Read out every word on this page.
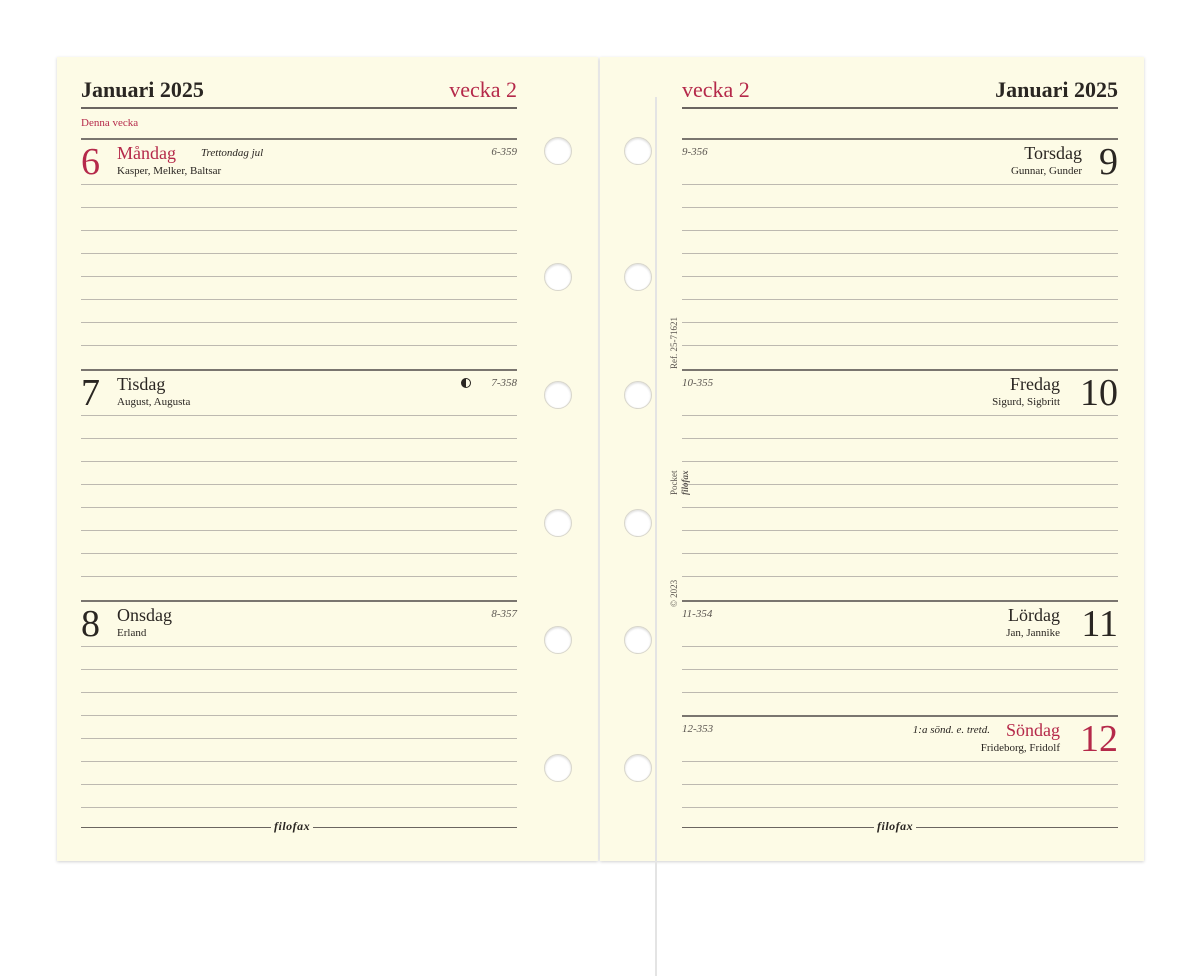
Januari 2025	vecka 2
Denna vecka
6 Måndag Trettondag jul
Kasper, Melker, Baltsar
6-359
7 Tisdag
August, Augusta
7-358
8 Onsdag
Erland
8-357
filofax
vecka 2	Januari 2025
9-356	Torsdag
Gunnar, Gunder 9
10-355	Fredag
Sigurd, Sigbritt 10
11-354	Lördag
Jan, Jannike 11
12-353	1:a sönd. e. tretd. Söndag
Frideborg, Fridolf 12
filofax
Ref. 25-71621
Pocket filofax
© 2023
